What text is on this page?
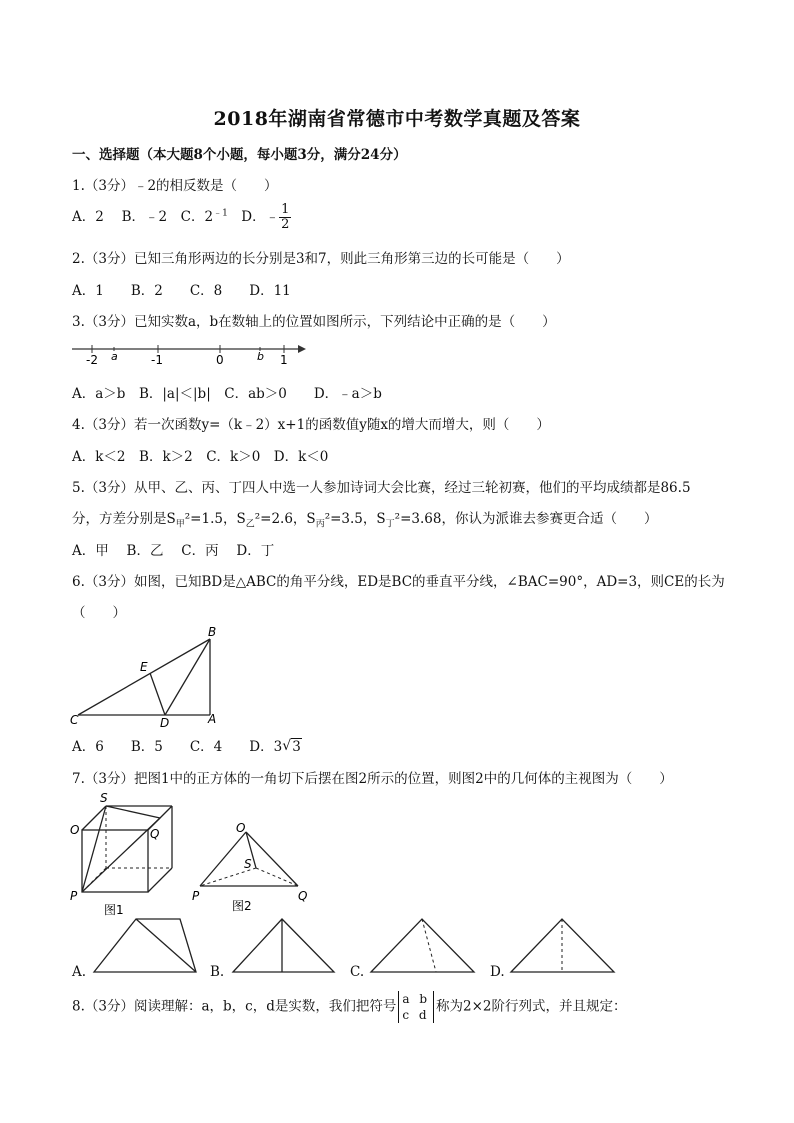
2018年湖南省常德市中考数学真题及答案
一、选择题（本大题8个小题，每小题3分，满分24分）
1.（3分）﹣2的相反数是（　　）
A．2　 B．﹣2　C．$2^{﹣1}$　D．﹣ $\frac{1}{2}$
2.（3分）已知三角形两边的长分别是3和7，则此三角形第三边的长可能是（　　）
A．1　　B．2　　C．8　　D．11
3.（3分）已知实数a，b在数轴上的位置如图所示，下列结论中正确的是（　　）
-2 a	-1	0	b 1
A．a＞b　B．|a|＜|b|　C．ab＞0　　D．﹣a＞b
4.（3分）若一次函数y=（k﹣2）x+1的函数值y随x的增大而增大，则（　　）
A．k＜2　B．k＞2　C．k＞0　D．k＜0
5.（3分）从甲、乙、丙、丁四人中选一人参加诗词大会比赛，经过三轮初赛，他们的平均成绩都是86.5
分，方差分别是$S_甲^2=1.5$，$S_乙^2=2.6$，$S_丙^2=3.5$，$S_丁^2=3.68$，你认为派谁去参赛更合适（　　）
A．甲　 B．乙　 C．丙　 D．丁
6.（3分）如图，已知BD是△ABC的角平分线，ED是BC的垂直平分线，∠BAC=90°，AD=3，则CE的长为
（　　）
B
E
C	D	A
A．6　　B．5　　C．4　　D．3 √ 3
7.（3分）把图1中的正方体的一角切下后摆在图2所示的位置，则图2中的几何体的主视图为（　　）
S
O	Q
P
图1
O
S
P	Q
图2
A.	B.	C.	D.
8.（3分）阅读理解：a，b，c，d是实数，我们把符号 a b
c d
称为2×2阶行列式，并且规定：
